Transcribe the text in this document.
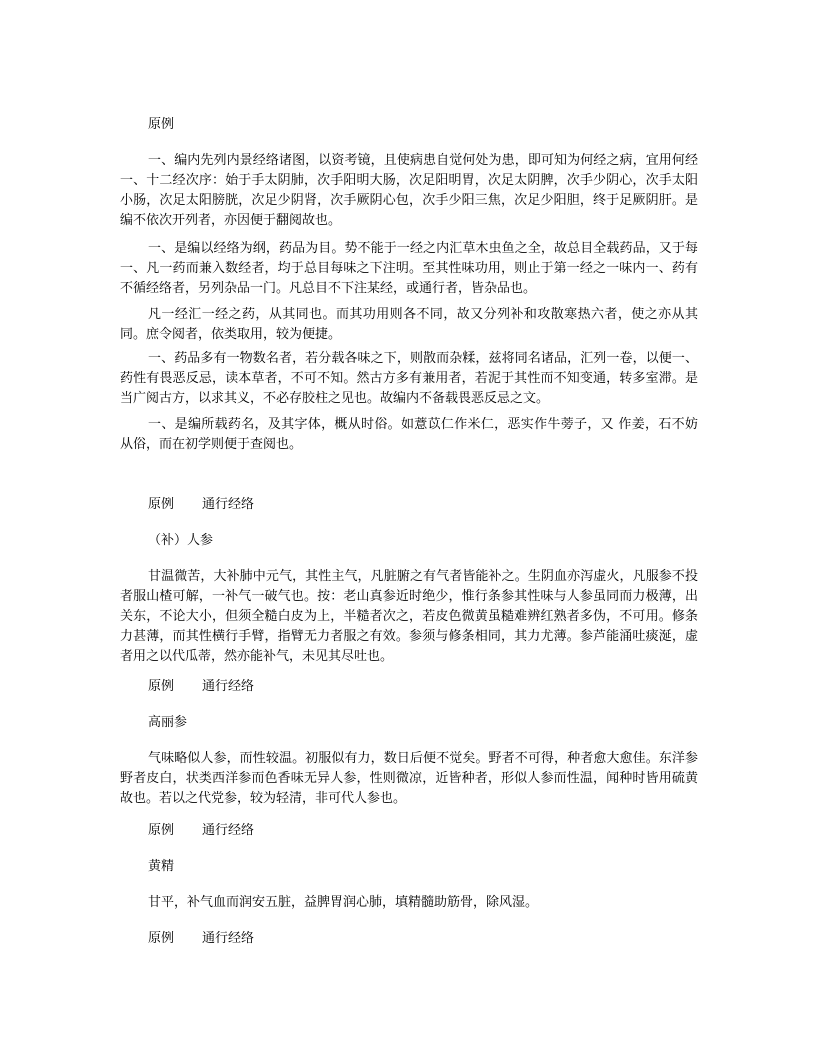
原例

一、编内先列内景经络诸图，以资考镜，且使病患自觉何处为患，即可知为何经之病，宜用何经一、十二经次序：始于手太阴肺，次手阳明大肠，次足阳明胃，次足太阴脾，次手少阴心，次手太阳小肠，次足太阳膀胱，次足少阴肾，次手厥阴心包，次手少阳三焦，次足少阳胆，终于足厥阴肝。是编不依次开列者，亦因便于翻阅故也。

一、是编以经络为纲，药品为目。势不能于一经之内汇草木虫鱼之全，故总目全载药品，又于每一、凡一药而兼入数经者，均于总目每味之下注明。至其性味功用，则止于第一经之一味内一、药有不循经络者，另列杂品一门。凡总目不下注某经，或通行者，皆杂品也。

凡一经汇一经之药，从其同也。而其功用则各不同，故又分列补和攻散寒热六者，使之亦从其同。庶令阅者，依类取用，较为便捷。

一、药品多有一物数名者，若分载各味之下，则散而杂糅，兹将同名诸品，汇列一卷，以便一、药性有畏恶反忌，读本草者，不可不知。然古方多有兼用者，若泥于其性而不知变通，转多室滞。是当广阅古方，以求其义，不必存胶柱之见也。故编内不备载畏恶反忌之文。

一、是编所载药名，及其字体，概从时俗。如薏苡仁作米仁，恶实作牛蒡子，又 作姜，石不妨从俗，而在初学则便于查阅也。

原例 通行经络

（补）人参

甘温微苦，大补肺中元气，其性主气，凡脏腑之有气者皆能补之。生阴血亦泻虚火，凡服参不投者服山楂可解，一补气一破气也。按：老山真参近时绝少，惟行条参其性味与人参虽同而力极薄，出关东，不论大小，但须全糙白皮为上，半糙者次之，若皮色微黄虽糙难辨红熟者多伪，不可用。修条力甚薄，而其性横行手臂，指臂无力者服之有效。参须与修条相同，其力尤薄。参芦能涌吐痰涎，虚者用之以代瓜蒂，然亦能补气，未见其尽吐也。

原例 通行经络

高丽参

气味略似人参，而性较温。初服似有力，数日后便不觉矣。野者不可得，种者愈大愈佳。东洋参 野者皮白，状类西洋参而色香味无异人参，性则微凉，近皆种者，形似人参而性温，闻种时皆用硫黄故也。若以之代党参，较为轻清，非可代人参也。

原例 通行经络

黄精

甘平，补气血而润安五脏，益脾胃润心肺，填精髓助筋骨，除风湿。

原例 通行经络
